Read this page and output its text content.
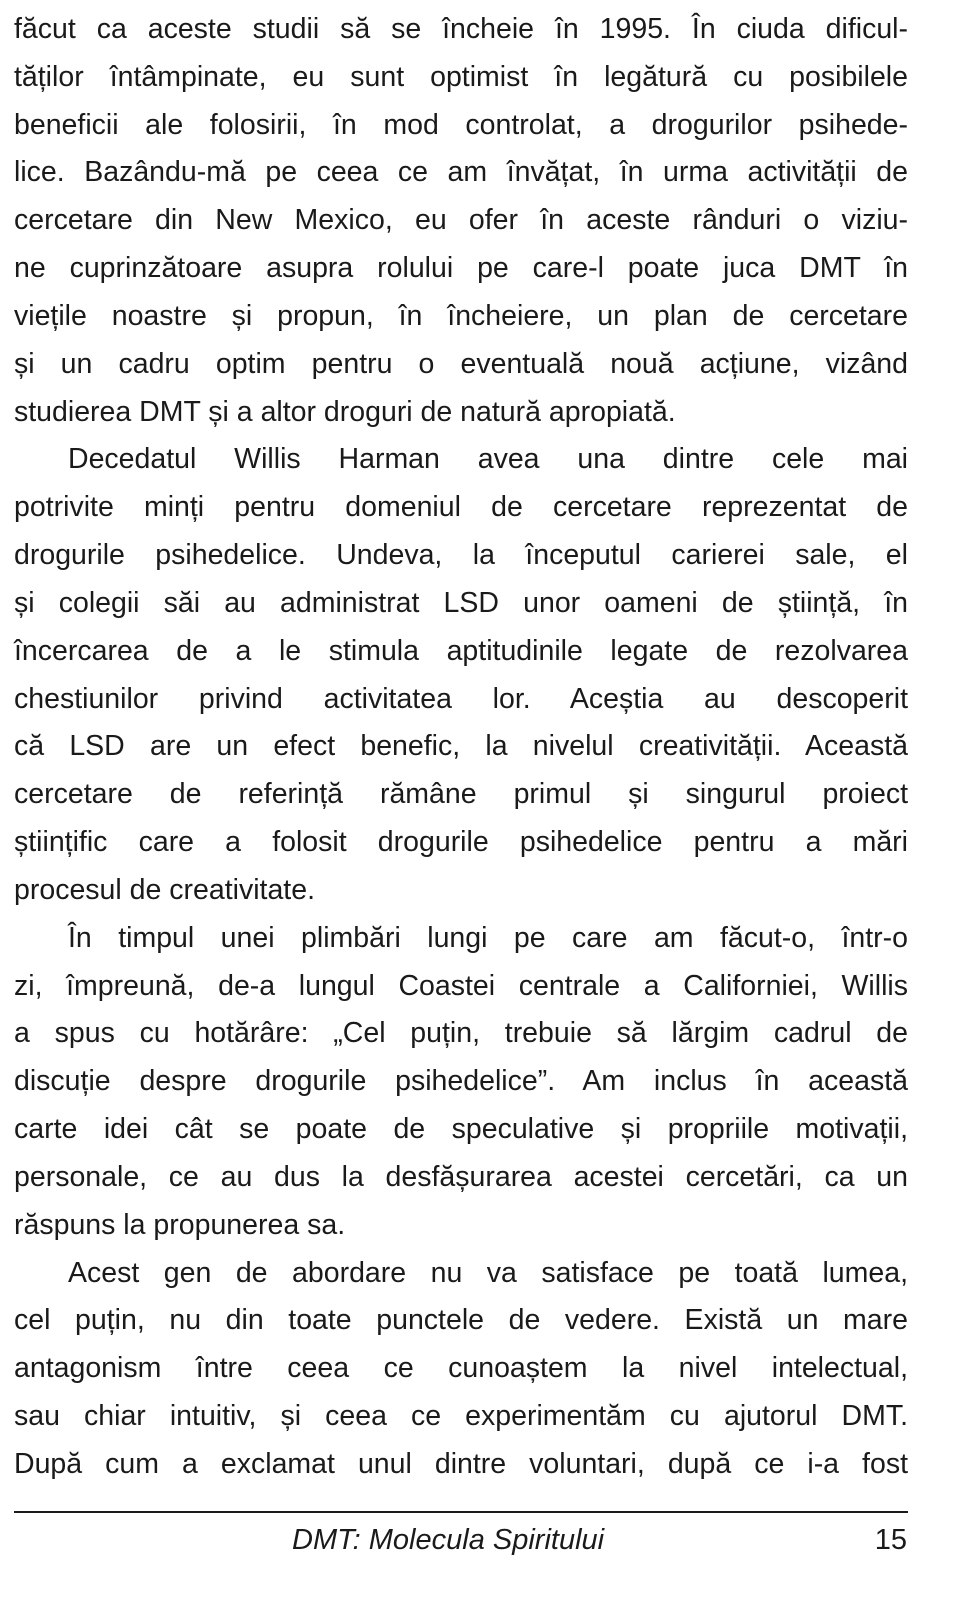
făcut ca aceste studii să se încheie în 1995. În ciuda dificul-
tăților întâmpinate, eu sunt optimist în legătură cu posibilele
beneficii ale folosirii, în mod controlat, a drogurilor psihede-
lice. Bazându-mă pe ceea ce am învățat, în urma activității de
cercetare din New Mexico, eu ofer în aceste rânduri o viziu-
ne cuprinzătoare asupra rolului pe care-l poate juca DMT în
viețile noastre și propun, în încheiere, un plan de cercetare
și un cadru optim pentru o eventuală nouă acțiune, vizând
studierea DMT și a altor droguri de natură apropiată.
Decedatul Willis Harman avea una dintre cele mai
potrivite minți pentru domeniul de cercetare reprezentat de
drogurile psihedelice. Undeva, la începutul carierei sale, el
și colegii săi au administrat LSD unor oameni de știință, în
încercarea de a le stimula aptitudinile legate de rezolvarea
chestiunilor privind activitatea lor. Aceștia au descoperit
că LSD are un efect benefic, la nivelul creativității. Această
cercetare de referință rămâne primul și singurul proiect
științific care a folosit drogurile psihedelice pentru a mări
procesul de creativitate.
În timpul unei plimbări lungi pe care am făcut-o, într-o
zi, împreună, de-a lungul Coastei centrale a Californiei, Willis
a spus cu hotărâre: „Cel puțin, trebuie să lărgim cadrul de
discuție despre drogurile psihedelice”. Am inclus în această
carte idei cât se poate de speculative și propriile motivații,
personale, ce au dus la desfășurarea acestei cercetări, ca un
răspuns la propunerea sa.
Acest gen de abordare nu va satisface pe toată lumea,
cel puțin, nu din toate punctele de vedere. Există un mare
antagonism între ceea ce cunoaștem la nivel intelectual,
sau chiar intuitiv, și ceea ce experimentăm cu ajutorul DMT.
După cum a exclamat unul dintre voluntari, după ce i-a fost
DMT: Molecula Spiritului	15
